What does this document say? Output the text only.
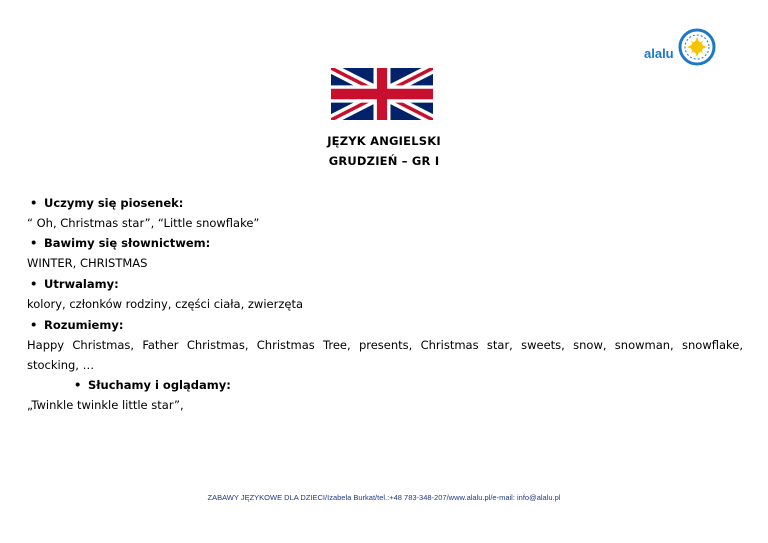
alalu
JĘZYK ANGIELSKI
GRUDZIEŃ – GR I
• Uczymy się piosenek:
“ Oh, Christmas star”, “Little snowflake”
• Bawimy się słownictwem:
WINTER, CHRISTMAS
• Utrwalamy:
kolory, członków rodziny, części ciała, zwierzęta
• Rozumiemy:
Happy Christmas, Father Christmas, Christmas Tree, presents, Christmas star, sweets, snow, snowman, snowflake,
stocking, …
• Słuchamy i oglądamy:
„Twinkle twinkle little star”,
ZABAWY JĘZYKOWE DLA DZIECI/Izabela Burkat/tel.:+48 783-348-207/www.alalu.pl/e-mail: info@alalu.pl
